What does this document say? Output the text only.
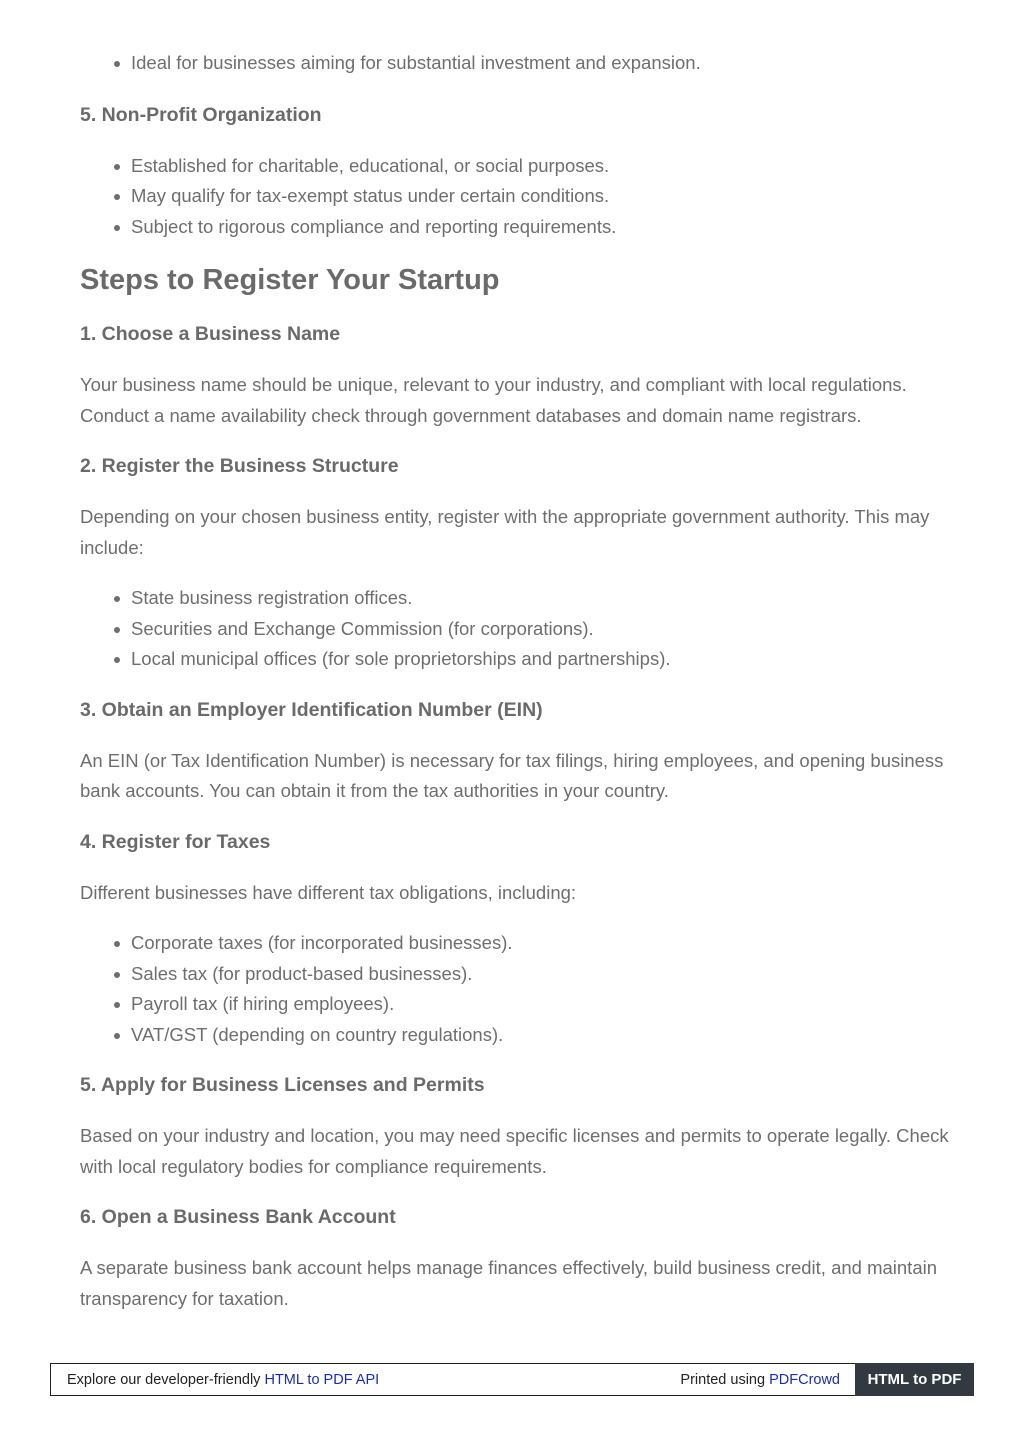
Ideal for businesses aiming for substantial investment and expansion.
5. Non-Profit Organization
Established for charitable, educational, or social purposes.
May qualify for tax-exempt status under certain conditions.
Subject to rigorous compliance and reporting requirements.
Steps to Register Your Startup
1. Choose a Business Name

Your business name should be unique, relevant to your industry, and compliant with local regulations. Conduct a name availability check through government databases and domain name registrars.

2. Register the Business Structure

Depending on your chosen business entity, register with the appropriate government authority. This may include:

State business registration offices.
Securities and Exchange Commission (for corporations).
Local municipal offices (for sole proprietorships and partnerships).
3. Obtain an Employer Identification Number (EIN)

An EIN (or Tax Identification Number) is necessary for tax filings, hiring employees, and opening business bank accounts. You can obtain it from the tax authorities in your country.

4. Register for Taxes

Different businesses have different tax obligations, including:

Corporate taxes (for incorporated businesses).
Sales tax (for product-based businesses).
Payroll tax (if hiring employees).
VAT/GST (depending on country regulations).
5. Apply for Business Licenses and Permits

Based on your industry and location, you may need specific licenses and permits to operate legally. Check with local regulatory bodies for compliance requirements.

6. Open a Business Bank Account

A separate business bank account helps manage finances effectively, build business credit, and maintain transparency for taxation.

Explore our developer-friendly HTML to PDF API	Printed using PDFCrowd	HTML to PDF
